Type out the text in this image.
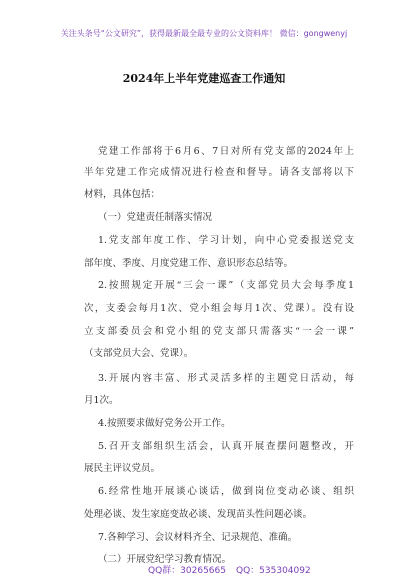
关注头条号“公文研究”，获得最新最全最专业的公文资料库！ 微信：gongwenyj
2024年上半年党建巡查工作通知
党建工作部将于6月6、7日对所有党支部的2024年上
半年党建工作完成情况进行检查和督导。请各支部将以下
材料，具体包括：
（一）党建责任制落实情况
1.党支部年度工作、学习计划，向中心党委报送党支
部年度、季度、月度党建工作、意识形态总结等。
2.按照规定开展“三会一课”（支部党员大会每季度1
次，支委会每月1次、党小组会每月1次、党课）。没有设
立支部委员会和党小组的党支部只需落实“一会一课”
（支部党员大会、党课）。
3.开展内容丰富、形式灵活多样的主题党日活动，每
月1次。
4.按照要求做好党务公开工作。
5.召开支部组织生活会，认真开展查摆问题整改，开
展民主评议党员。
6.经常性地开展谈心谈话，做到岗位变动必谈、组织
处理必谈、发生家庭变故必谈、发现苗头性问题必谈。
7.各种学习、会议材料齐全、记录规范、准确。
（二）开展党纪学习教育情况。
QQ群：30265665 QQ：535304092
